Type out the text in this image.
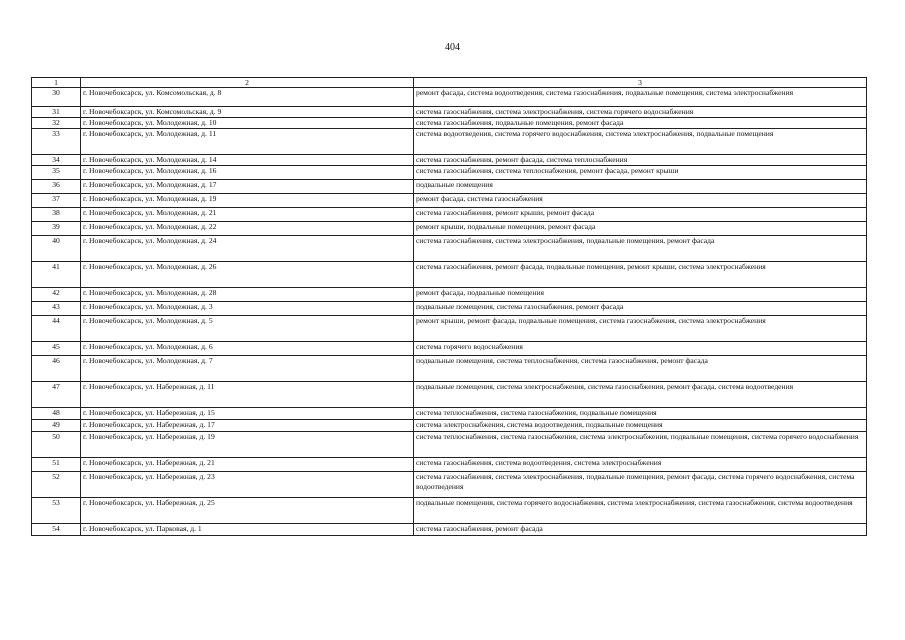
404
1	2	3
30	г. Новочебоксарск, ул. Комсомольская, д. 8	ремонт фасада, система водоотведения, система газоснабжения, подвальные помещения, система электроснабжения
31	г. Новочебоксарск, ул. Комсомольская, д. 9	система газоснабжения, система электроснабжения, система горячего водоснабжения
32	г. Новочебоксарск, ул. Молодежная, д. 10	система газоснабжения, подвальные помещения, ремонт фасада
33	г. Новочебоксарск, ул. Молодежная, д. 11	система водоотведения, система горячего водоснабжения, система электроснабжения, подвальные помещения
34	г. Новочебоксарск, ул. Молодежная, д. 14	система газоснабжения, ремонт фасада, система теплоснабжения
35	г. Новочебоксарск, ул. Молодежная, д. 16	система газоснабжения, система теплоснабжения, ремонт фасада, ремонт крыши
36	г. Новочебоксарск, ул. Молодежная, д. 17	подвальные помещения
37	г. Новочебоксарск, ул. Молодежная, д. 19	ремонт фасада, система газоснабжения
38	г. Новочебоксарск, ул. Молодежная, д. 21	система газоснабжения, ремонт крыши, ремонт фасада
39	г. Новочебоксарск, ул. Молодежная, д. 22	ремонт крыши, подвальные помещения, ремонт фасада
40	г. Новочебоксарск, ул. Молодежная, д. 24	система газоснабжения, система электроснабжения, подвальные помещения, ремонт фасада
41	г. Новочебоксарск, ул. Молодежная, д. 26	система газоснабжения, ремонт фасада, подвальные помещения, ремонт крыши, система электроснабжения
42	г. Новочебоксарск, ул. Молодежная, д. 28	ремонт фасада, подвальные помещения
43	г. Новочебоксарск, ул. Молодежная, д. 3	подвальные помещения, система газоснабжения, ремонт фасада
44	г. Новочебоксарск, ул. Молодежная, д. 5	ремонт крыши, ремонт фасада, подвальные помещения, система газоснабжения, система электроснабжения
45	г. Новочебоксарск, ул. Молодежная, д. 6	система горячего водоснабжения
46	г. Новочебоксарск, ул. Молодежная, д. 7	подвальные помещения, система теплоснабжения, система газоснабжения, ремонт фасада
47	г. Новочебоксарск, ул. Набережная, д. 11	подвальные помещения, система электроснабжения, система газоснабжения, ремонт фасада, система водоотведения
48	г. Новочебоксарск, ул. Набережная, д. 15	система теплоснабжения, система газоснабжения, подвальные помещения
49	г. Новочебоксарск, ул. Набережная, д. 17	система электроснабжения, система водоотведения, подвальные помещения
50	г. Новочебоксарск, ул. Набережная, д. 19	система теплоснабжения, система газоснабжения, система электроснабжения, подвальные помещения, система горячего водоснабжения
51	г. Новочебоксарск, ул. Набережная, д. 21	система газоснабжения, система водоотведения, система электроснабжения
52	г. Новочебоксарск, ул. Набережная, д. 23	система газоснабжения, система электроснабжения, подвальные помещения, ремонт фасада, система горячего водоснабжения, система водоотведения
53	г. Новочебоксарск, ул. Набережная, д. 25	подвальные помещения, система горячего водоснабжения, система электроснабжения, система газоснабжения, система водоотведения
54	г. Новочебоксарск, ул. Парковая, д. 1	система газоснабжения, ремонт фасада
